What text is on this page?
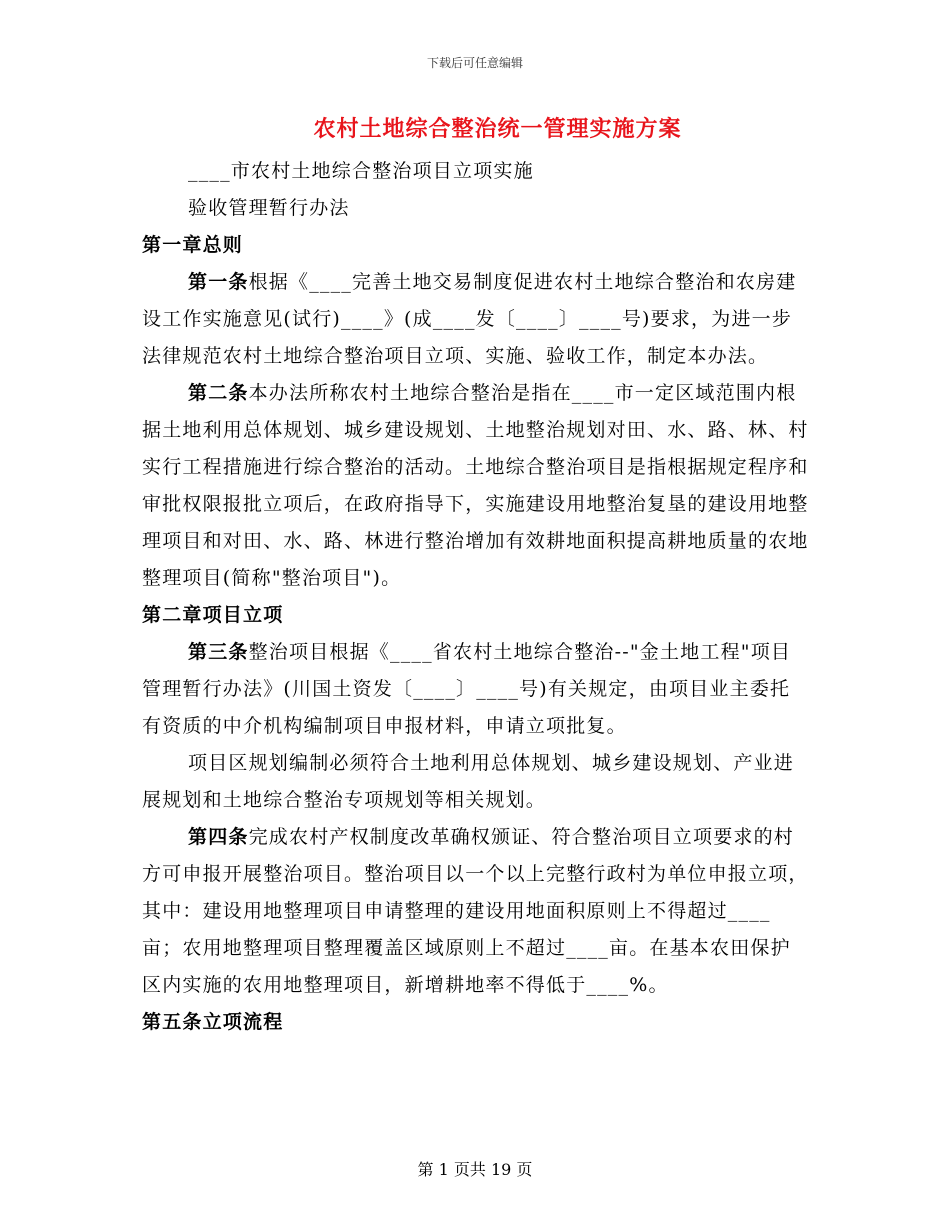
下载后可任意编辑
农村土地综合整治统一管理实施方案

____市农村土地综合整治项目立项实施

验收管理暂行办法

第一章总则

第一条根据《____完善土地交易制度促进农村土地综合整治和农房建设工作实施意见(试行)____》(成____发〔____〕____号)要求，为进一步法律规范农村土地综合整治项目立项、实施、验收工作，制定本办法。

第二条本办法所称农村土地综合整治是指在____市一定区域范围内根据土地利用总体规划、城乡建设规划、土地整治规划对田、水、路、林、村实行工程措施进行综合整治的活动。土地综合整治项目是指根据规定程序和审批权限报批立项后，在政府指导下，实施建设用地整治复垦的建设用地整理项目和对田、水、路、林进行整治增加有效耕地面积提高耕地质量的农地整理项目(简称"整治项目")。

第二章项目立项

第三条整治项目根据《____省农村土地综合整治--"金土地工程"项目管理暂行办法》(川国土资发〔____〕____号)有关规定，由项目业主委托有资质的中介机构编制项目申报材料，申请立项批复。

项目区规划编制必须符合土地利用总体规划、城乡建设规划、产业进展规划和土地综合整治专项规划等相关规划。

第四条完成农村产权制度改革确权颁证、符合整治项目立项要求的村方可申报开展整治项目。整治项目以一个以上完整行政村为单位申报立项，其中：建设用地整理项目申请整理的建设用地面积原则上不得超过____亩；农用地整理项目整理覆盖区域原则上不超过____亩。在基本农田保护区内实施的农用地整理项目，新增耕地率不得低于____%。

第五条立项流程

第 1 页共 19 页
